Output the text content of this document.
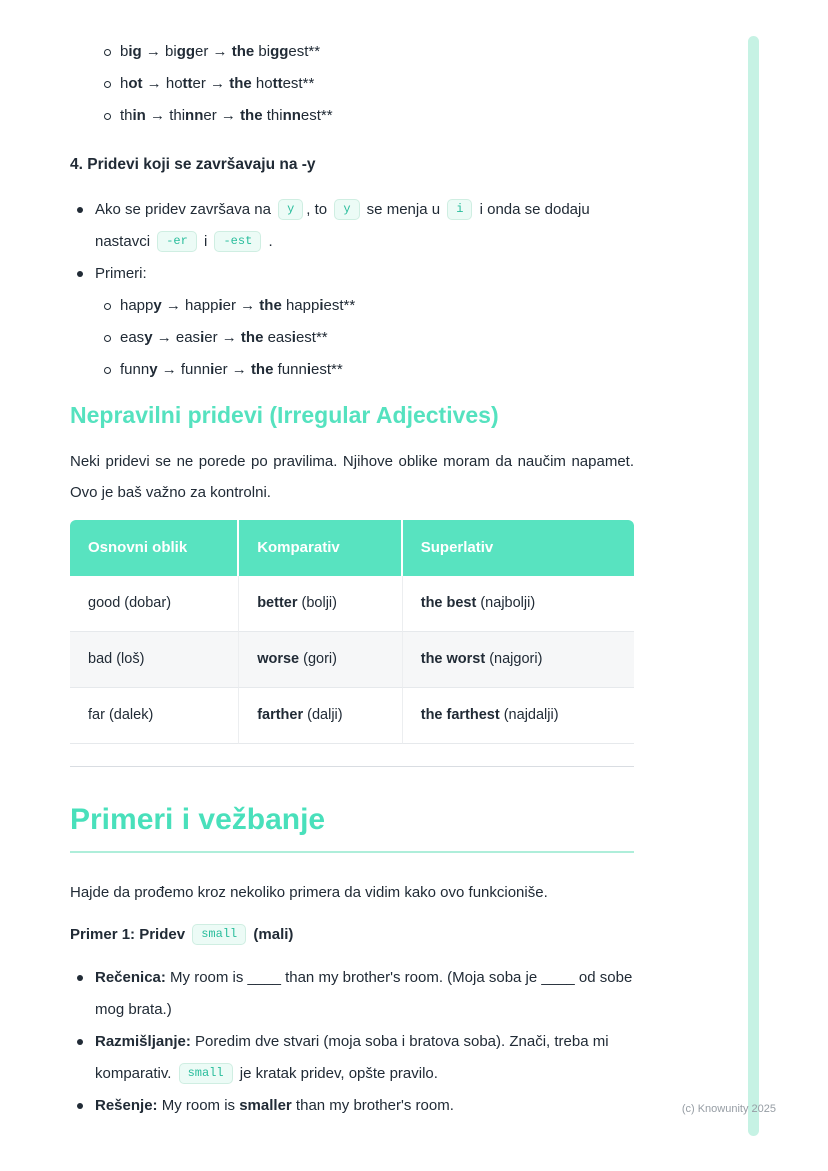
big → bigger → the biggest**
hot → hotter → the hottest**
thin → thinner → the thinnest**
4. Pridevi koji se završavaju na -y
Ako se pridev završava na y , to y se menja u i i onda se dodaju nastavci -er i -est .
Primeri:
happy → happier → the happiest**
easy → easier → the easiest**
funny → funnier → the funniest**
Nepravilni pridevi (Irregular Adjectives)

Neki pridevi se ne porede po pravilima. Njihove oblike moram da naučim napamet. Ovo je baš važno za kontrolni.

Osnovni oblik	Komparativ	Superlativ
good (dobar)	better (bolji)	the best (najbolji)
bad (loš)	worse (gori)	the worst (najgori)
far (dalek)	farther (dalji)	the farthest (najdalji)
Primeri i vežbanje

Hajde da prođemo kroz nekoliko primera da vidim kako ovo funkcioniše.

Primer 1: Pridev small (mali)

Rečenica: My room is ____ than my brother's room. (Moja soba je ____ od sobe mog brata.)
Razmišljanje: Poredim dve stvari (moja soba i bratova soba). Znači, treba mi komparativ. small je kratak pridev, opšte pravilo.
Rešenje: My room is smaller than my brother's room.	(c) Knowunity 2025
